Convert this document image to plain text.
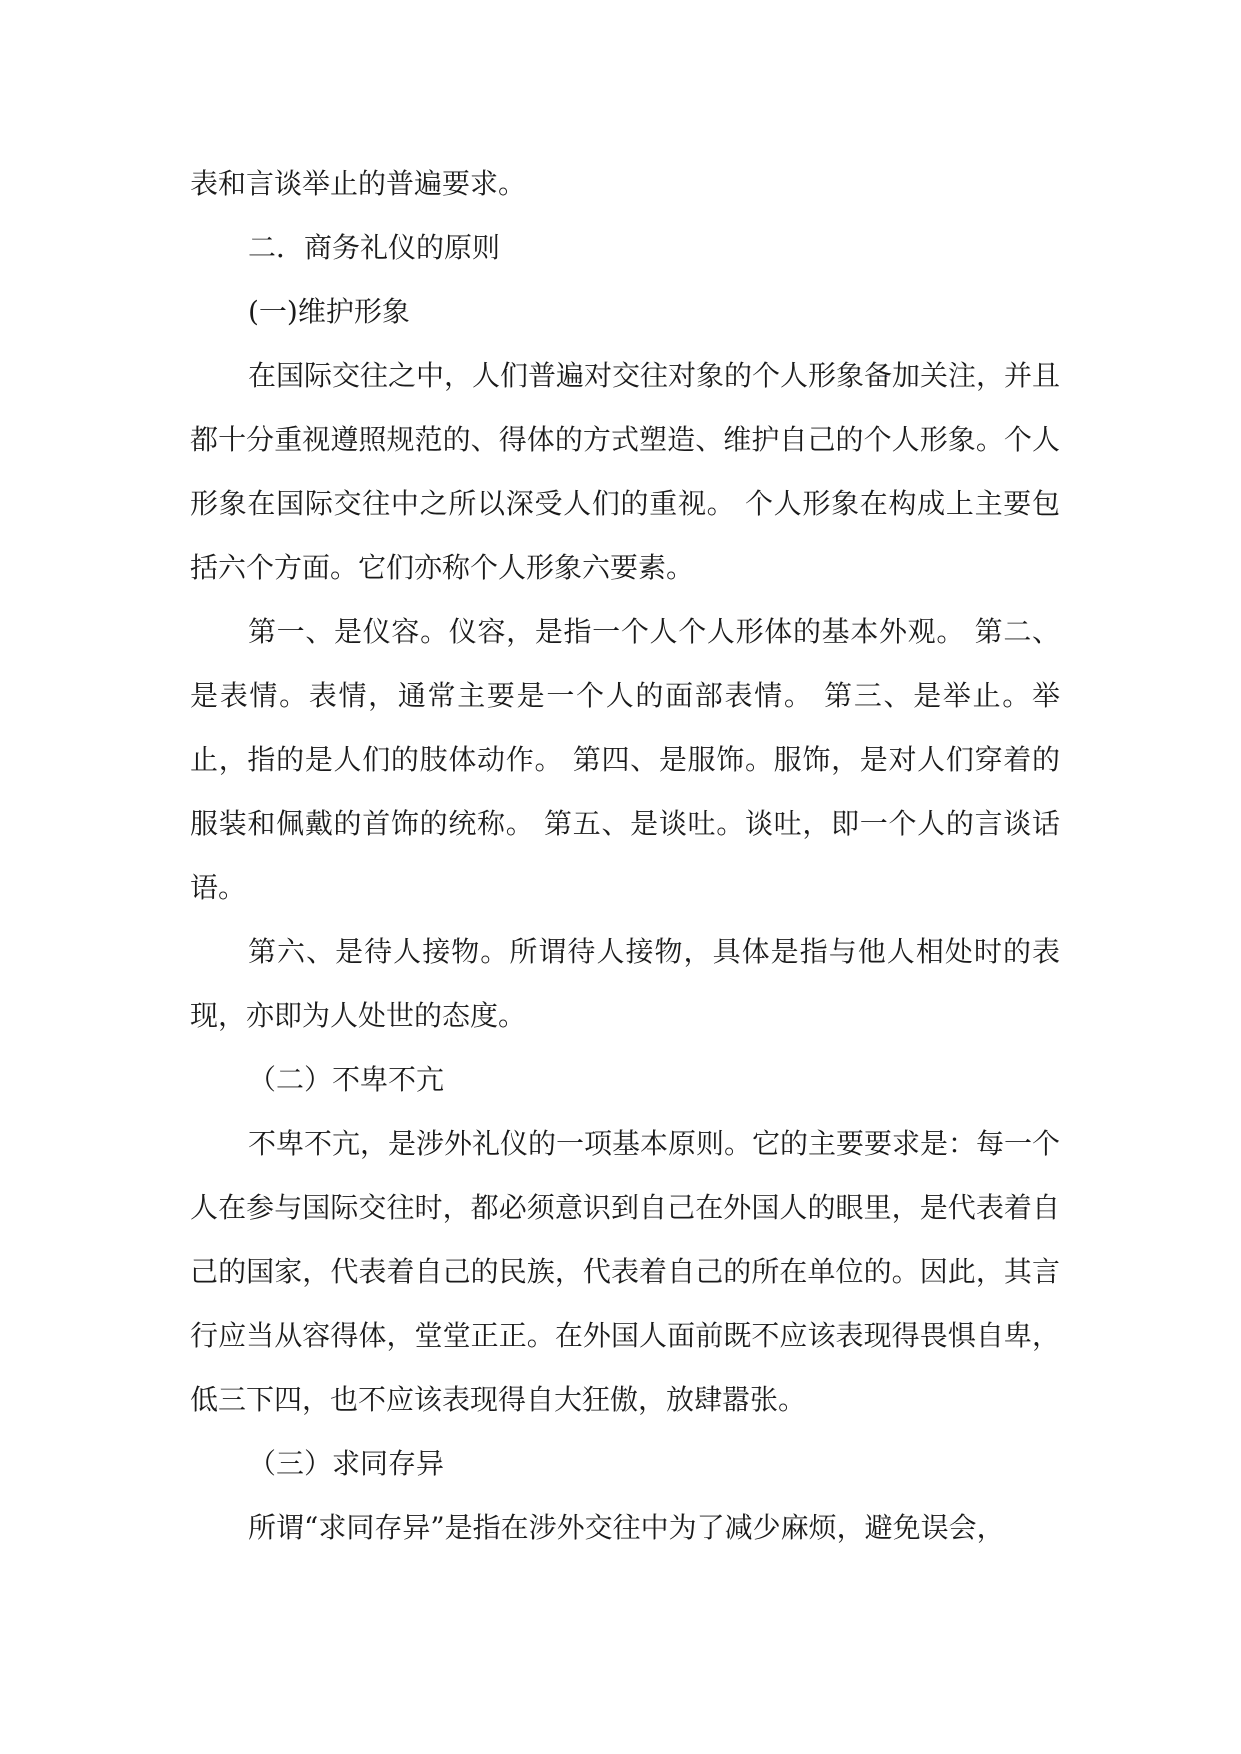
表和言谈举止的普遍要求。

二．商务礼仪的原则

(一)维护形象

在国际交往之中，人们普遍对交往对象的个人形象备加关注，并且都十分重视遵照规范的、得体的方式塑造、维护自己的个人形象。个人形象在国际交往中之所以深受人们的重视。 个人形象在构成上主要包括六个方面。它们亦称个人形象六要素。

第一、是仪容。仪容，是指一个人个人形体的基本外观。 第二、是表情。表情，通常主要是一个人的面部表情。 第三、是举止。举止，指的是人们的肢体动作。 第四、是服饰。服饰，是对人们穿着的服装和佩戴的首饰的统称。 第五、是谈吐。谈吐，即一个人的言谈话语。

第六、是待人接物。所谓待人接物，具体是指与他人相处时的表现，亦即为人处世的态度。

（二）不卑不亢

不卑不亢，是涉外礼仪的一项基本原则。它的主要要求是：每一个人在参与国际交往时，都必须意识到自己在外国人的眼里，是代表着自己的国家，代表着自己的民族，代表着自己的所在单位的。因此，其言行应当从容得体，堂堂正正。在外国人面前既不应该表现得畏惧自卑，低三下四，也不应该表现得自大狂傲，放肆嚣张。

（三）求同存异

所谓“求同存异”是指在涉外交往中为了减少麻烦，避免误会，
